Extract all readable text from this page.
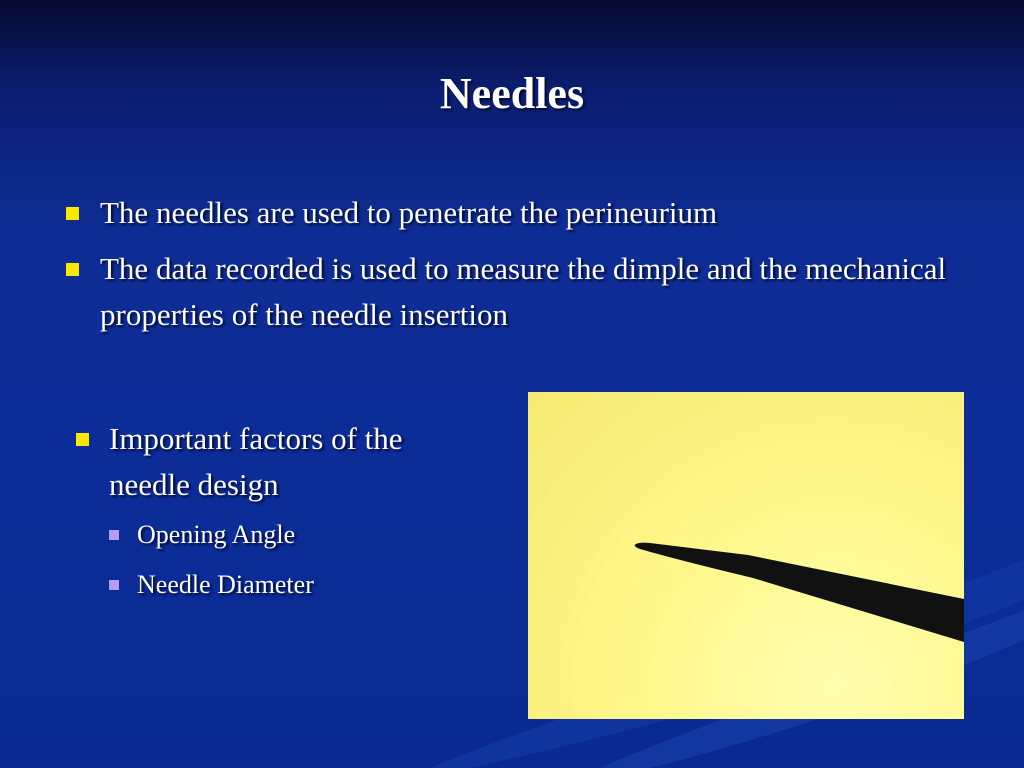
Needles
The needles are used to penetrate the perineurium
The data recorded is used to measure the dimple and the mechanical properties of the needle insertion
Important factors of the needle design
Opening Angle
Needle Diameter
